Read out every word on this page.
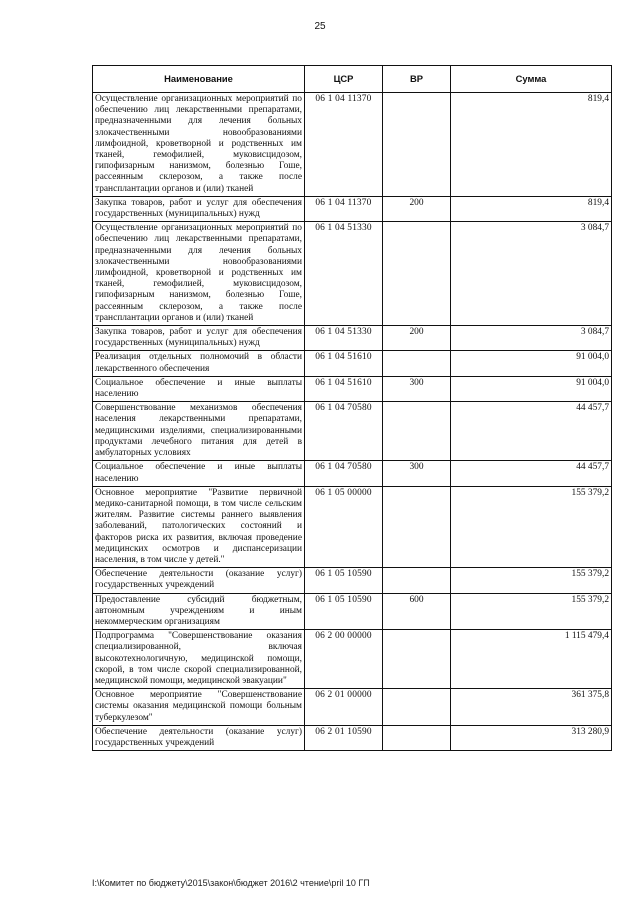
25
Наименование	ЦСР	ВР	Сумма
Осуществление организационных мероприятий по обеспечению лиц лекарственными препаратами, предназначенными для лечения больных злокачественными новообразованиями лимфоидной, кроветворной и родственных им тканей, гемофилией, муковисцидозом, гипофизарным нанизмом, болезнью Гоше, рассеянным склерозом, а также после трансплантации органов и (или) тканей	06 1 04 11370		819,4
Закупка товаров, работ и услуг для обеспечения государственных (муниципальных) нужд	06 1 04 11370	200	819,4
Осуществление организационных мероприятий по обеспечению лиц лекарственными препаратами, предназначенными для лечения больных злокачественными новообразованиями лимфоидной, кроветворной и родственных им тканей, гемофилией, муковисцидозом, гипофизарным нанизмом, болезнью Гоше, рассеянным склерозом, а также после трансплантации органов и (или) тканей	06 1 04 51330		3 084,7
Закупка товаров, работ и услуг для обеспечения государственных (муниципальных) нужд	06 1 04 51330	200	3 084,7
Реализация отдельных полномочий в области лекарственного обеспечения	06 1 04 51610		91 004,0
Социальное обеспечение и иные выплаты населению	06 1 04 51610	300	91 004,0
Совершенствование механизмов обеспечения населения лекарственными препаратами, медицинскими изделиями, специализированными продуктами лечебного питания для детей в амбулаторных условиях	06 1 04 70580		44 457,7
Социальное обеспечение и иные выплаты населению	06 1 04 70580	300	44 457,7
Основное мероприятие "Развитие первичной медико-санитарной помощи, в том числе сельским жителям. Развитие системы раннего выявления заболеваний, патологических состояний и факторов риска их развития, включая проведение медицинских осмотров и диспансеризации населения, в том числе у детей."	06 1 05 00000		155 379,2
Обеспечение деятельности (оказание услуг) государственных учреждений	06 1 05 10590		155 379,2
Предоставление субсидий бюджетным, автономным учреждениям и иным некоммерческим организациям	06 1 05 10590	600	155 379,2
Подпрограмма "Совершенствование оказания специализированной, включая высокотехнологичную, медицинской помощи, скорой, в том числе скорой специализированной, медицинской помощи, медицинской эвакуации"	06 2 00 00000		1 115 479,4
Основное мероприятие "Совершенствование системы оказания медицинской помощи больным туберкулезом"	06 2 01 00000		361 375,8
Обеспечение деятельности (оказание услуг) государственных учреждений	06 2 01 10590		313 280,9
I:\Комитет по бюджету\2015\закон\бюджет 2016\2 чтение\pril 10 ГП
